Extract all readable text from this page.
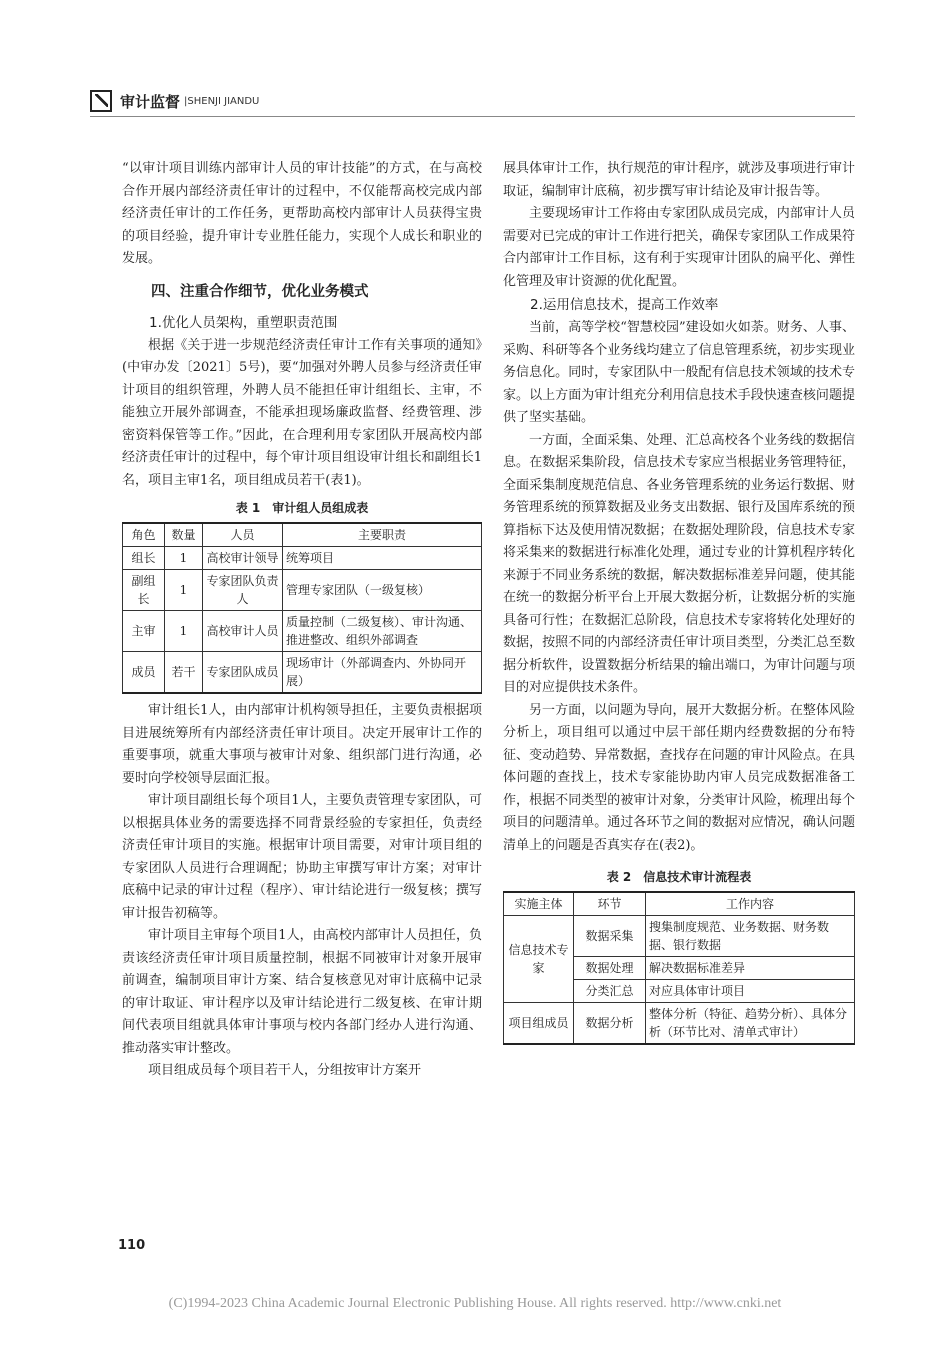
审计监督 |SHENJI JIANDU

“以审计项目训练内部审计人员的审计技能”的方式，在与高校合作开展内部经济责任审计的过程中，不仅能帮高校完成内部经济责任审计的工作任务，更帮助高校内部审计人员获得宝贵的项目经验，提升审计专业胜任能力，实现个人成长和职业的发展。

四、注重合作细节，优化业务模式
1.优化人员架构，重塑职责范围

根据《关于进一步规范经济责任审计工作有关事项的通知》(中审办发〔2021〕5号)，要“加强对外聘人员参与经济责任审计项目的组织管理，外聘人员不能担任审计组组长、主审，不能独立开展外部调查，不能承担现场廉政监督、经费管理、涉密资料保管等工作。”因此，在合理利用专家团队开展高校内部经济责任审计的过程中，每个审计项目组设审计组长和副组长1名，项目主审1名，项目组成员若干(表1)。

表 1　审计组人员组成表
角色	数量	人员	主要职责
组长	1	高校审计领导	统筹项目
副组长	1	专家团队负责人	管理专家团队（一级复核）
主审	1	高校审计人员	质量控制（二级复核）、审计沟通、推进整改、组织外部调查
成员	若干	专家团队成员	现场审计（外部调查内、外协同开展）

审计组长1人，由内部审计机构领导担任，主要负责根据项目进展统筹所有内部经济责任审计项目。决定开展审计工作的重要事项，就重大事项与被审计对象、组织部门进行沟通，必要时向学校领导层面汇报。

审计项目副组长每个项目1人，主要负责管理专家团队，可以根据具体业务的需要选择不同背景经验的专家担任，负责经济责任审计项目的实施。根据审计项目需要，对审计项目组的专家团队人员进行合理调配；协助主审撰写审计方案；对审计底稿中记录的审计过程（程序）、审计结论进行一级复核；撰写审计报告初稿等。

审计项目主审每个项目1人，由高校内部审计人员担任，负责该经济责任审计项目质量控制，根据不同被审计对象开展审前调查，编制项目审计方案、结合复核意见对审计底稿中记录的审计取证、审计程序以及审计结论进行二级复核、在审计期间代表项目组就具体审计事项与校内各部门经办人进行沟通、推动落实审计整改。

项目组成员每个项目若干人，分组按审计方案开

展具体审计工作，执行规范的审计程序，就涉及事项进行审计取证，编制审计底稿，初步撰写审计结论及审计报告等。

主要现场审计工作将由专家团队成员完成，内部审计人员需要对已完成的审计工作进行把关，确保专家团队工作成果符合内部审计工作目标，这有利于实现审计团队的扁平化、弹性化管理及审计资源的优化配置。

2.运用信息技术，提高工作效率

当前，高等学校“智慧校园”建设如火如荼。财务、人事、采购、科研等各个业务线均建立了信息管理系统，初步实现业务信息化。同时，专家团队中一般配有信息技术领域的技术专家。以上方面为审计组充分利用信息技术手段快速查核问题提供了坚实基础。

一方面，全面采集、处理、汇总高校各个业务线的数据信息。在数据采集阶段，信息技术专家应当根据业务管理特征，全面采集制度规范信息、各业务管理系统的业务运行数据、财务管理系统的预算数据及业务支出数据、银行及国库系统的预算指标下达及使用情况数据；在数据处理阶段，信息技术专家将采集来的数据进行标准化处理，通过专业的计算机程序转化来源于不同业务系统的数据，解决数据标准差异问题，使其能在统一的数据分析平台上开展大数据分析，让数据分析的实施具备可行性；在数据汇总阶段，信息技术专家将转化处理好的数据，按照不同的内部经济责任审计项目类型，分类汇总至数据分析软件，设置数据分析结果的输出端口，为审计问题与项目的对应提供技术条件。

另一方面，以问题为导向，展开大数据分析。在整体风险分析上，项目组可以通过中层干部任期内经费数据的分布特征、变动趋势、异常数据，查找存在问题的审计风险点。在具体问题的查找上，技术专家能协助内审人员完成数据准备工作，根据不同类型的被审计对象，分类审计风险，梳理出每个项目的问题清单。通过各环节之间的数据对应情况，确认问题清单上的问题是否真实存在(表2)。

表 2　信息技术审计流程表
实施主体	环节	工作内容
信息技术专家	数据采集	搜集制度规范、业务数据、财务数据、银行数据
	数据处理	解决数据标准差异
	分类汇总	对应具体审计项目
项目组成员	数据分析	整体分析（特征、趋势分析）、具体分析（环节比对、清单式审计）
110
(C)1994-2023 China Academic Journal Electronic Publishing House. All rights reserved. http://www.cnki.net
